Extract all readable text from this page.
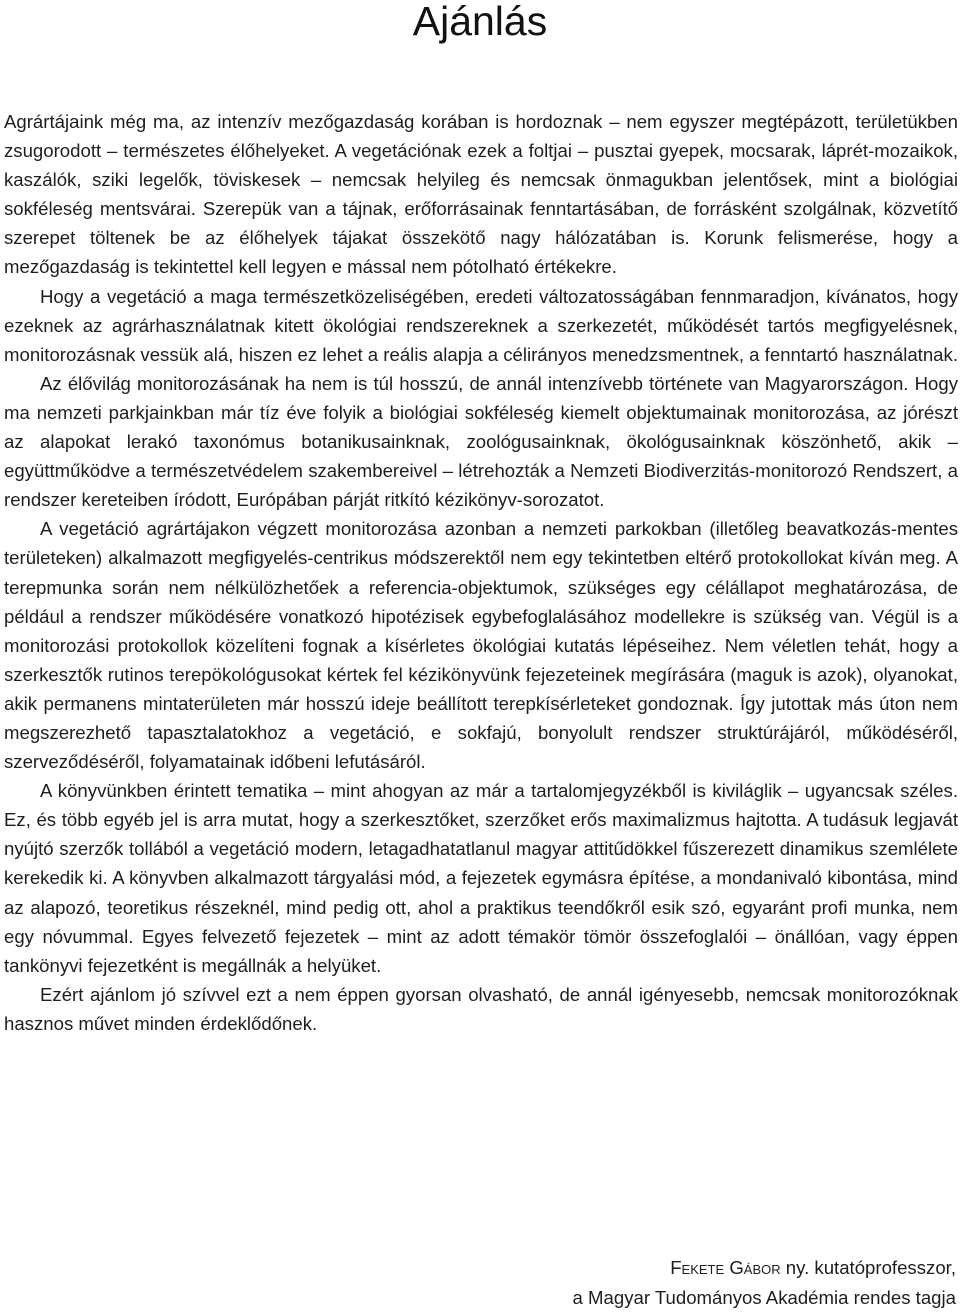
Ajánlás

Agrártájaink még ma, az intenzív mezőgazdaság korában is hordoznak – nem egyszer megtépázott, területükben zsugorodott – természetes élőhelyeket. A vegetációnak ezek a foltjai – pusztai gyepek, mocsarak, láprét-mozaikok, kaszálók, sziki legelők, töviskesek – nemcsak helyileg és nemcsak önmagukban jelentősek, mint a biológiai sokféleség mentsvárai. Szerepük van a tájnak, erőforrásainak fenntartásában, de forrásként szolgálnak, közvetítő szerepet töltenek be az élőhelyek tájakat összekötő nagy hálózatában is. Korunk felismerése, hogy a mezőgazdaság is tekintettel kell legyen e mással nem pótolható értékekre.

Hogy a vegetáció a maga természetközeliségében, eredeti változatosságában fennmaradjon, kívánatos, hogy ezeknek az agrárhasználatnak kitett ökológiai rendszereknek a szerkezetét, működését tartós megfigyelésnek, monitorozásnak vessük alá, hiszen ez lehet a reális alapja a célirányos menedzsmentnek, a fenntartó használatnak.

Az élővilág monitorozásának ha nem is túl hosszú, de annál intenzívebb története van Magyarországon. Hogy ma nemzeti parkjainkban már tíz éve folyik a biológiai sokféleség kiemelt objektumainak monitorozása, az jórészt az alapokat lerakó taxonómus botanikusainknak, zoológusainknak, ökológusainknak köszönhető, akik – együttműködve a természetvédelem szakembereivel – létrehozták a Nemzeti Biodiverzitás-monitorozó Rendszert, a rendszer kereteiben íródott, Európában párját ritkító kézikönyv-sorozatot.

A vegetáció agrártájakon végzett monitorozása azonban a nemzeti parkokban (illetőleg beavatkozás-mentes területeken) alkalmazott megfigyelés-centrikus módszerektől nem egy tekintetben eltérő protokollokat kíván meg. A terepmunka során nem nélkülözhetőek a referencia-objektumok, szükséges egy célállapot meghatározása, de például a rendszer működésére vonatkozó hipotézisek egybefoglalásához modellekre is szükség van. Végül is a monitorozási protokollok közelíteni fognak a kísérletes ökológiai kutatás lépéseihez. Nem véletlen tehát, hogy a szerkesztők rutinos terepökológusokat kértek fel kézikönyvünk fejezeteinek megírására (maguk is azok), olyanokat, akik permanens mintaterületen már hosszú ideje beállított terepkísérleteket gondoznak. Így jutottak más úton nem megszerezhető tapasztalatokhoz a vegetáció, e sokfajú, bonyolult rendszer struktúrájáról, működéséről, szerveződéséről, folyamatainak időbeni lefutásáról.

A könyvünkben érintett tematika – mint ahogyan az már a tartalomjegyzékből is kiviláglik – ugyancsak széles. Ez, és több egyéb jel is arra mutat, hogy a szerkesztőket, szerzőket erős maximalizmus hajtotta. A tudásuk legjavát nyújtó szerzők tollából a vegetáció modern, letagadhatatlanul magyar attitűdökkel fűszerezett dinamikus szemlélete kerekedik ki. A könyvben alkalmazott tárgyalási mód, a fejezetek egymásra építése, a mondanivaló kibontása, mind az alapozó, teoretikus részeknél, mind pedig ott, ahol a praktikus teendőkről esik szó, egyaránt profi munka, nem egy nóvummal. Egyes felvezető fejezetek – mint az adott témakör tömör összefoglalói – önállóan, vagy éppen tankönyvi fejezetként is megállnák a helyüket.

Ezért ajánlom jó szívvel ezt a nem éppen gyorsan olvasható, de annál igényesebb, nemcsak monitorozóknak hasznos művet minden érdeklődőnek.

Fekete Gábor ny. kutatóprofesszor,
a Magyar Tudományos Akadémia rendes tagja
